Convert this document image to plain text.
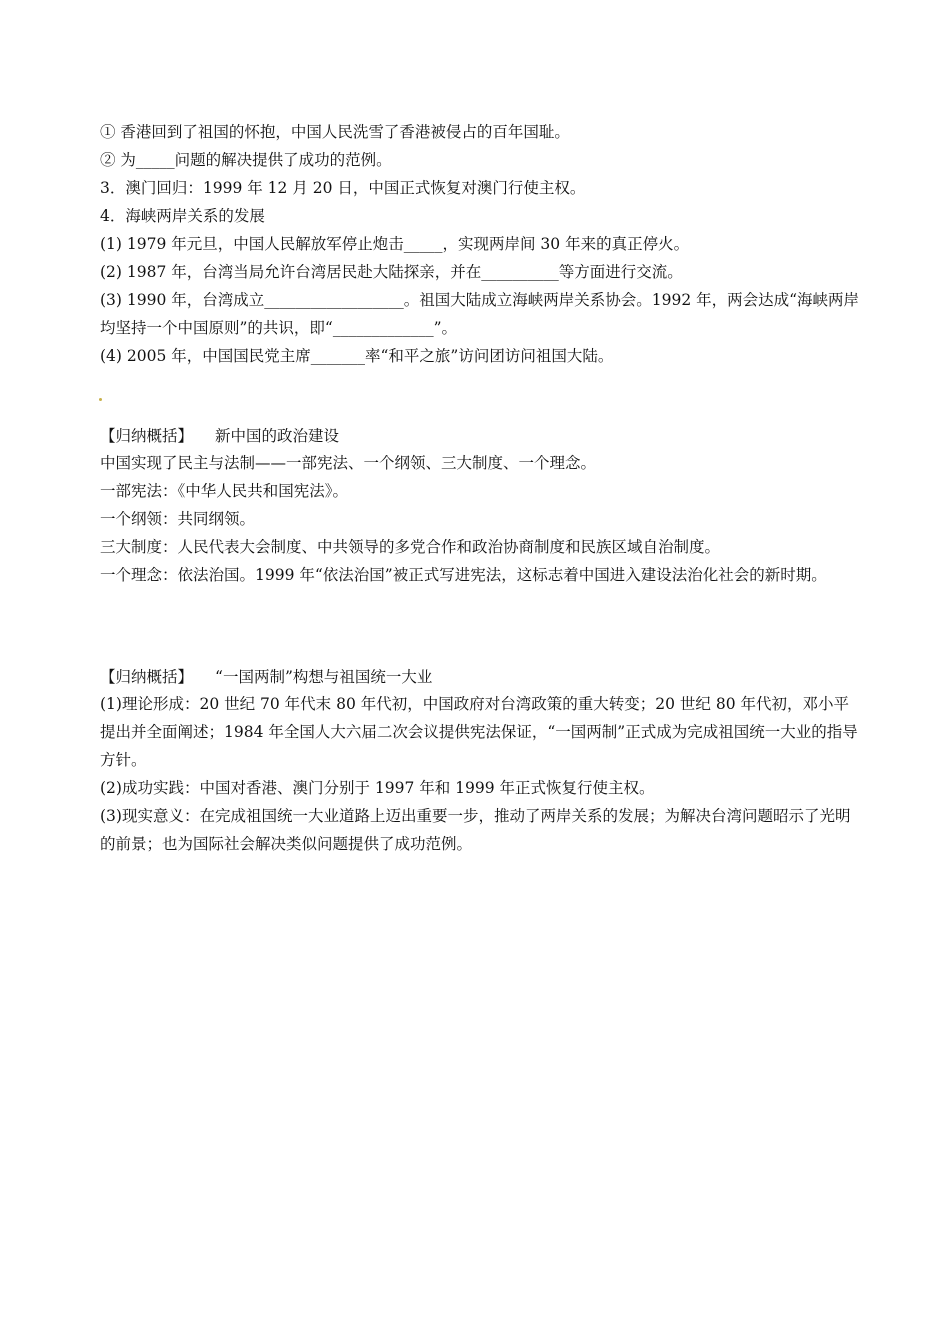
① 香港回到了祖国的怀抱，中国人民洗雪了香港被侵占的百年国耻。
② 为_____问题的解决提供了成功的范例。
3．澳门回归：1999 年 12 月 20 日，中国正式恢复对澳门行使主权。
4．海峡两岸关系的发展
(1) 1979 年元旦，中国人民解放军停止炮击_____，实现两岸间 30 年来的真正停火。
(2) 1987 年，台湾当局允许台湾居民赴大陆探亲，并在__________等方面进行交流。
(3) 1990 年，台湾成立__________________。祖国大陆成立海峡两岸关系协会。1992 年，两会达成“海峡两岸均坚持一个中国原则”的共识，即“_____________”。
(4) 2005 年，中国国民党主席_______率“和平之旅”访问团访问祖国大陆。
【归纳概括】 新中国的政治建设
中国实现了民主与法制——一部宪法、一个纲领、三大制度、一个理念。
一部宪法：《中华人民共和国宪法》。
一个纲领：共同纲领。
三大制度：人民代表大会制度、中共领导的多党合作和政治协商制度和民族区域自治制度。
一个理念：依法治国。1999 年“依法治国”被正式写进宪法，这标志着中国进入建设法治化社会的新时期。
【归纳概括】 “一国两制”构想与祖国统一大业
(1)理论形成：20 世纪 70 年代末 80 年代初，中国政府对台湾政策的重大转变；20 世纪 80 年代初，邓小平提出并全面阐述；1984 年全国人大六届二次会议提供宪法保证，“一国两制”正式成为完成祖国统一大业的指导方针。
(2)成功实践：中国对香港、澳门分别于 1997 年和 1999 年正式恢复行使主权。
(3)现实意义：在完成祖国统一大业道路上迈出重要一步，推动了两岸关系的发展；为解决台湾问题昭示了光明的前景；也为国际社会解决类似问题提供了成功范例。
